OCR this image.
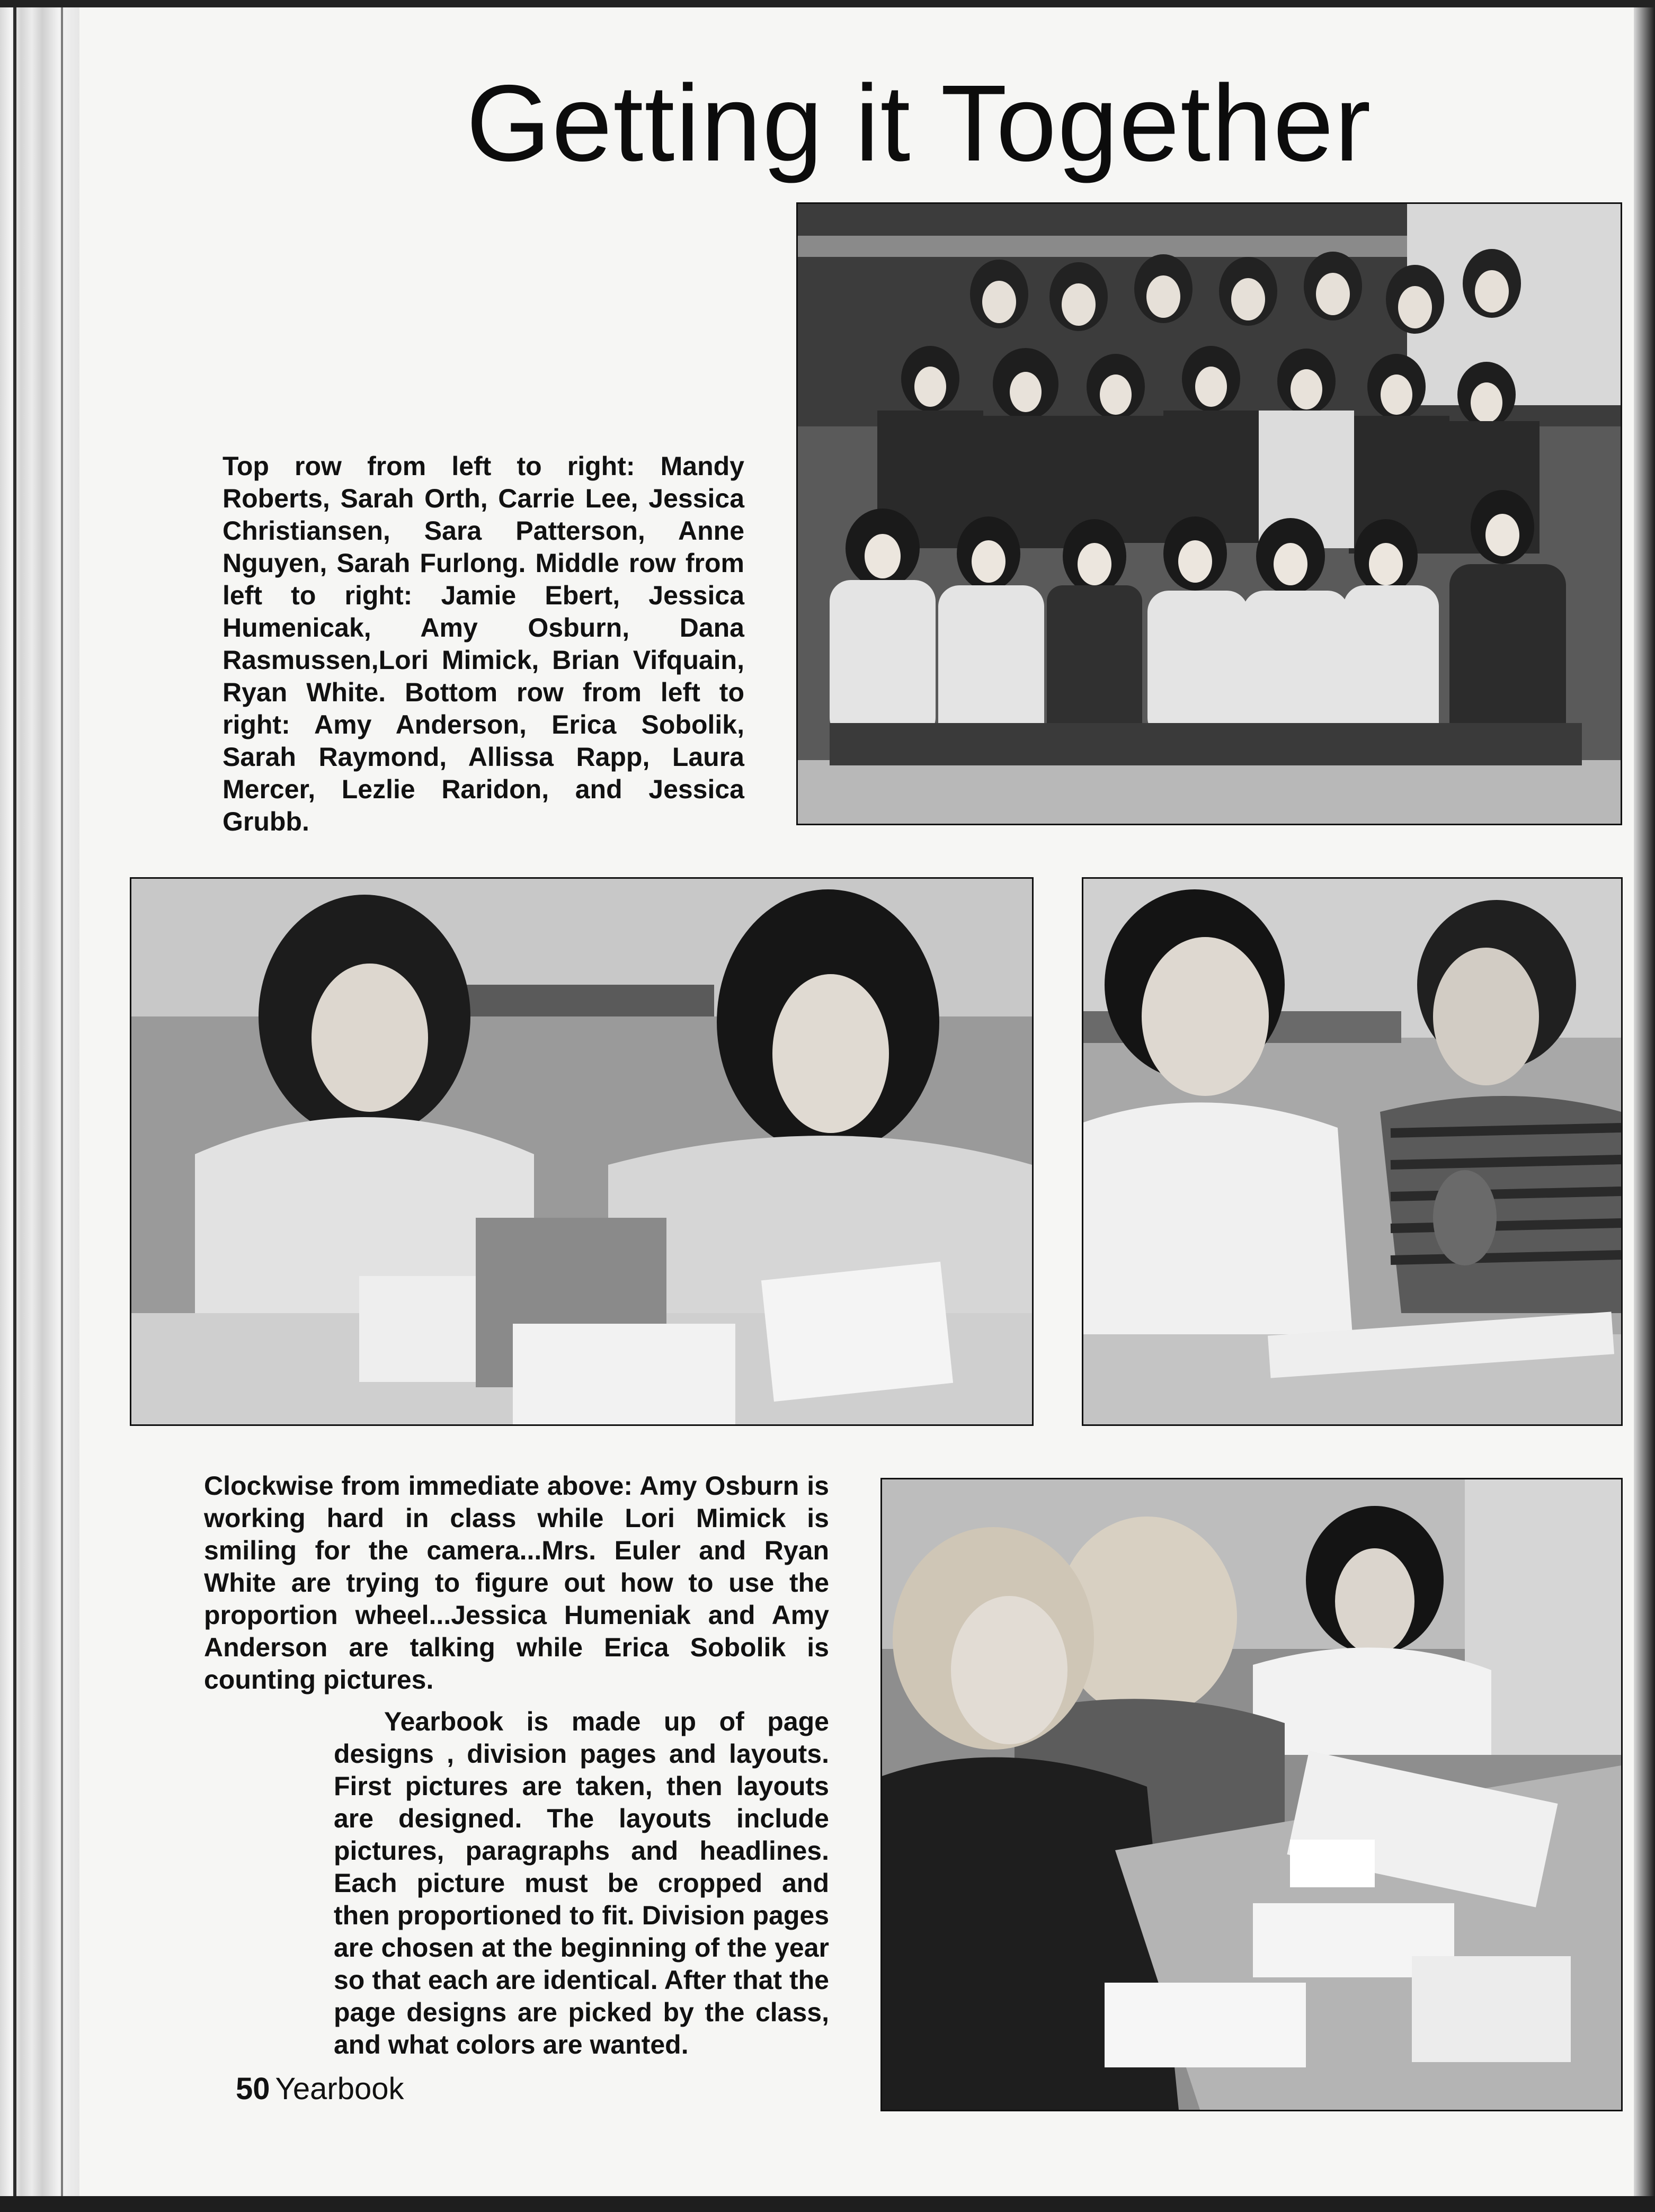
Getting it Together

Top row from left to right: Mandy Roberts, Sarah Orth, Carrie Lee, Jessica Christiansen, Sara Patterson, Anne Nguyen, Sarah Furlong. Middle row from left to right: Jamie Ebert, Jessica Humenicak, Amy Osburn, Dana Rasmussen,Lori Mimick, Brian Vifquain, Ryan White. Bottom row from left to right: Amy Anderson, Erica Sobolik, Sarah Raymond, Allissa Rapp, Laura Mercer, Lezlie Raridon, and Jessica Grubb.

Clockwise from immediate above: Amy Osburn is working hard in class while Lori Mimick is smiling for the camera...Mrs. Euler and Ryan White are trying to figure out how to use the proportion wheel...Jessica Humeniak and Amy Anderson are talking while Erica Sobolik is counting pictures.

Yearbook is made up of page designs , division pages and layouts. First pictures are taken, then layouts are designed. The layouts include pictures, paragraphs and headlines. Each picture must be cropped and then proportioned to fit. Division pages are chosen at the beginning of the year so that each are identical. After that the page designs are picked by the class, and what colors are wanted.

50 Yearbook
